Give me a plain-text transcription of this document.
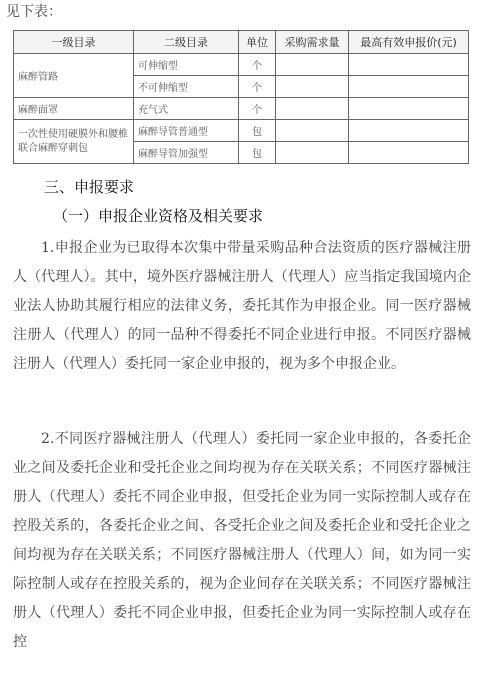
见下表：
一级目录	二级目录	单位	采购需求量	最高有效申报价(元)
麻醉管路	可伸缩型	个		
	不可伸缩型	个		
麻醉面罩	充气式	个		
一次性使用硬膜外和腰椎联合麻醉穿刺包	麻醉导管普通型	包		
	麻醉导管加强型	包		
三、申报要求
（一）申报企业资格及相关要求

1.申报企业为已取得本次集中带量采购品种合法资质的医疗器械注册人（代理人）。其中，境外医疗器械注册人（代理人）应当指定我国境内企业法人协助其履行相应的法律义务，委托其作为申报企业。同一医疗器械注册人（代理人）的同一品种不得委托不同企业进行申报。不同医疗器械注册人（代理人）委托同一家企业申报的，视为多个申报企业。

2.不同医疗器械注册人（代理人）委托同一家企业申报的，各委托企业之间及委托企业和受托企业之间均视为存在关联关系；不同医疗器械注册人（代理人）委托不同企业申报，但受托企业为同一实际控制人或存在控股关系的，各委托企业之间、各受托企业之间及委托企业和受托企业之间均视为存在关联关系；不同医疗器械注册人（代理人）间，如为同一实际控制人或存在控股关系的，视为企业间存在关联关系；不同医疗器械注册人（代理人）委托不同企业申报，但委托企业为同一实际控制人或存在控
